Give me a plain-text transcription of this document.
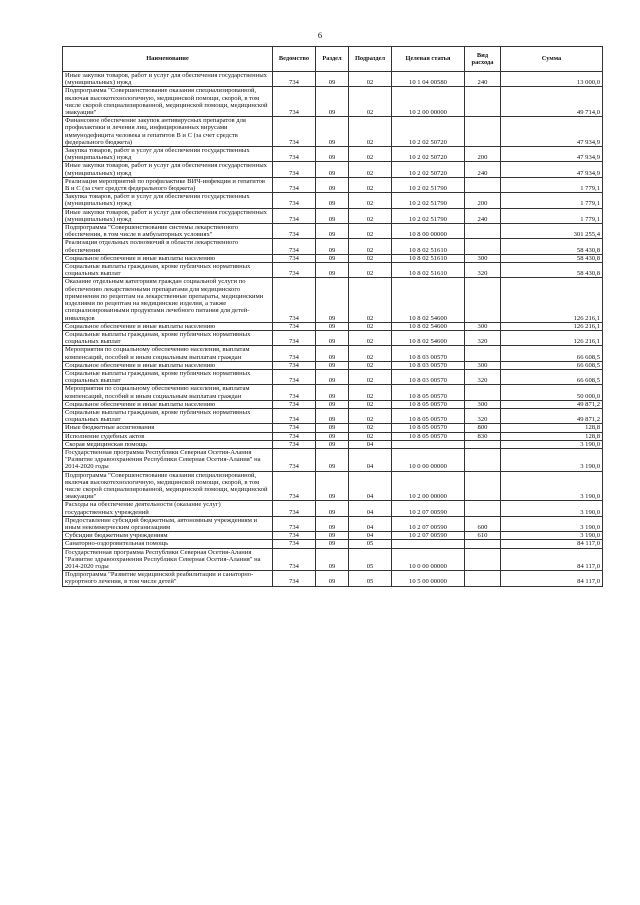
6
Наименование	Ведомство	Раздел	Подраздел	Целевая статья	Вид расхода	Сумма
Иные закупки товаров, работ и услуг для обеспечения государственных (муниципальных) нужд	734	09	02	10 1 04 00580	240	13 000,0
Подпрограмма "Совершенствование оказания специализированной, включая высокотехнологичную, медицинской помощи, скорой, в том числе скорой специализированной, медицинской помощи, медицинской эвакуации"	734	09	02	10 2 00 00000		49 714,0
Финансовое обеспечение закупок антивирусных препаратов для профилактики и лечения лиц, инфицированных вирусами иммунодефицита человека и гепатитов В и С (за счет средств федерального бюджета)	734	09	02	10 2 02 50720		47 934,9
Закупка товаров, работ и услуг для обеспечения государственных (муниципальных) нужд	734	09	02	10 2 02 50720	200	47 934,9
Иные закупки товаров, работ и услуг для обеспечения государственных (муниципальных) нужд	734	09	02	10 2 02 50720	240	47 934,9
Реализация мероприятий по профилактике ВИЧ-инфекции и гепатитов В и С (за счет средств федерального бюджета)	734	09	02	10 2 02 51790		1 779,1
Закупка товаров, работ и услуг для обеспечения государственных (муниципальных) нужд	734	09	02	10 2 02 51790	200	1 779,1
Иные закупки товаров, работ и услуг для обеспечения государственных (муниципальных) нужд	734	09	02	10 2 02 51790	240	1 779,1
Подпрограмма "Совершенствование системы лекарственного обеспечения, в том числе в амбулаторных условиях"	734	09	02	10 8 00 00000		301 255,4
Реализация отдельных полномочий в области лекарственного обеспечения	734	09	02	10 8 02 51610		58 430,8
Социальное обеспечение и иные выплаты населению	734	09	02	10 8 02 51610	300	58 430,8
Социальные выплаты гражданам, кроме публичных нормативных социальных выплат	734	09	02	10 8 02 51610	320	58 430,8
Оказание отдельным категориям граждан социальной услуги по обеспечению лекарственными препаратами для медицинского применения по рецептам на лекарственные препараты, медицинскими изделиями по рецептам на медицинские изделия, а также специализированными продуктами лечебного питания для детей-инвалидов	734	09	02	10 8 02 54600		126 216,1
Социальное обеспечение и иные выплаты населению	734	09	02	10 8 02 54600	300	126 216,1
Социальные выплаты гражданам, кроме публичных нормативных социальных выплат	734	09	02	10 8 02 54600	320	126 216,1
Мероприятия по социальному обеспечению населения, выплатам компенсаций, пособий и иным социальным выплатам граждан	734	09	02	10 8 03 00570		66 608,5
Социальное обеспечение и иные выплаты населению	734	09	02	10 8 03 00570	300	66 608,5
Социальные выплаты гражданам, кроме публичных нормативных социальных выплат	734	09	02	10 8 03 00570	320	66 608,5
Мероприятия по социальному обеспечению населения, выплатам компенсаций, пособий и иным социальным выплатам граждан	734	09	02	10 8 05 00570		50 000,0
Социальное обеспечение и иные выплаты населению	734	09	02	10 8 05 00570	300	49 871,2
Социальные выплаты гражданам, кроме публичных нормативных социальных выплат	734	09	02	10 8 05 00570	320	49 871,2
Иные бюджетные ассигнования	734	09	02	10 8 05 00570	800	128,8
Исполнение судебных актов	734	09	02	10 8 05 00570	830	128,8
Скорая медицинская помощь	734	09	04			3 190,0
Государственная программа Республики Северная Осетия-Алания "Развитие здравоохранения Республики Северная Осетия-Алания" на 2014-2020 годы	734	09	04	10 0 00 00000		3 190,0
Подпрограмма "Совершенствование оказания специализированной, включая высокотехнологичную, медицинской помощи, скорой, в том числе скорой специализированной, медицинской помощи, медицинской эвакуации"	734	09	04	10 2 00 00000		3 190,0
Расходы на обеспечение деятельности (оказание услуг) государственных учреждений	734	09	04	10 2 07 00590		3 190,0
Предоставление субсидий бюджетным, автономным учреждениям и иным некоммерческим организациям	734	09	04	10 2 07 00590	600	3 190,0
Субсидии бюджетным учреждениям	734	09	04	10 2 07 00590	610	3 190,0
Санаторно-оздоровительная помощь	734	09	05			84 117,0
Государственная программа Республики Северная Осетия-Алания "Развитие здравоохранения Республики Северная Осетия-Алания" на 2014-2020 годы	734	09	05	10 0 00 00000		84 117,0
Подпрограмма "Развитие медицинской реабилитации и санаторно-курортного лечения, в том числе детей"	734	09	05	10 5 00 00000		84 117,0
